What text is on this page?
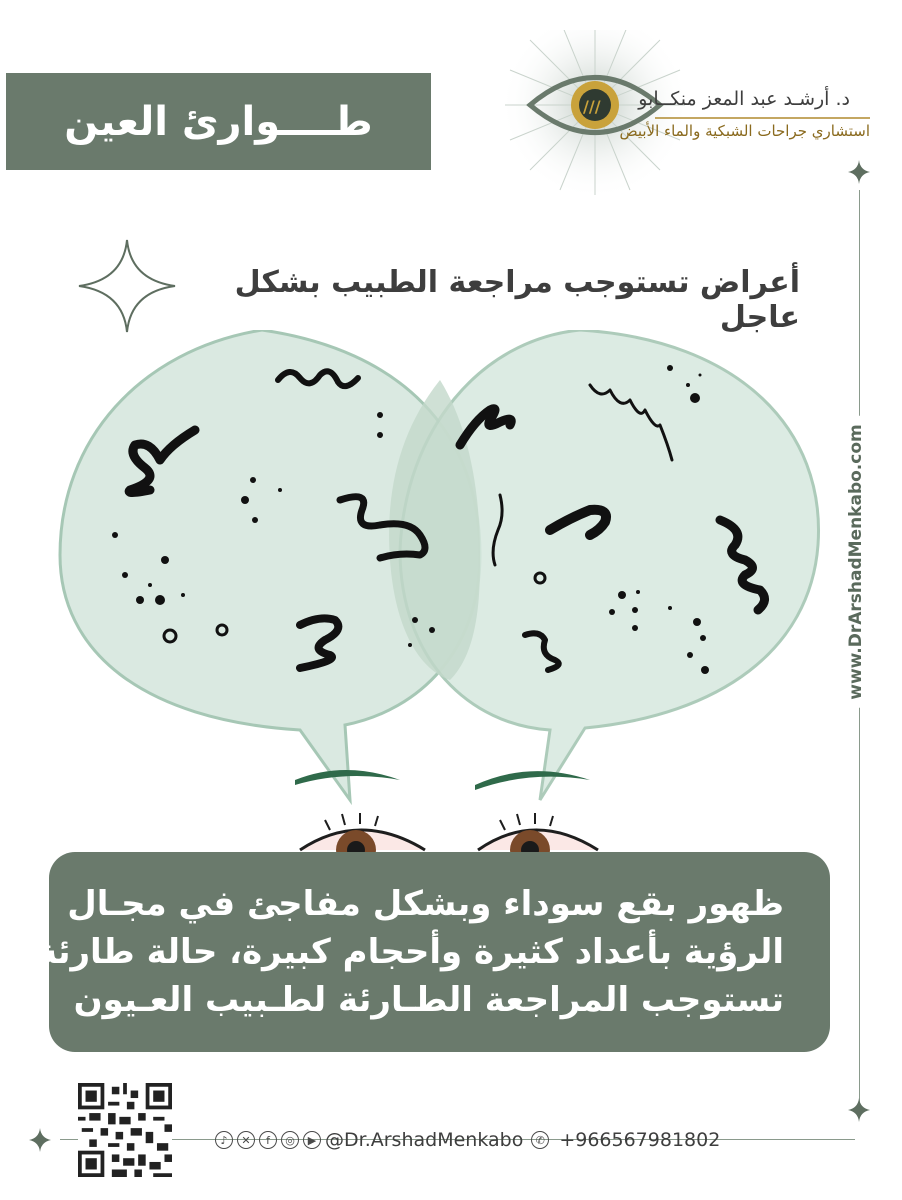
طــــوارئ العين	///	د. أرشـد عبد المعز منكــابو
استشاري جراحات الشبكية والماء الأبيض
أعراض تستوجب مراجعة الطبيب بشكل عاجل
www.DrArshadMenkabo.com
ظهور بقع سوداء وبشكل مفاجئ في مجـال
الرؤية بأعداد كثيرة وأحجام كبيرة، حالة طارئة
تستوجب المراجعة الطـارئة لطـبيب العـيون
♪	✕	f	◎	▶ @Dr.ArshadMenkabo	✆ +966567981802
